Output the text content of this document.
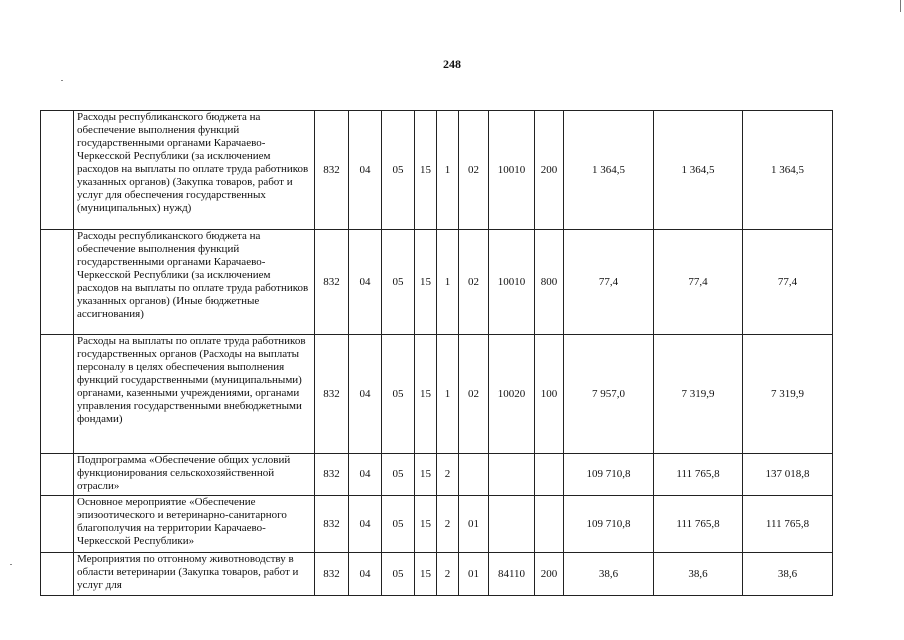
248
	Расходы республиканского бюджета на обеспечение выполнения функций государственными органами Карачаево-Черкесской Республики (за исключением расходов на выплаты по оплате труда работников указанных органов) (Закупка товаров, работ и услуг для обеспечения государственных (муниципальных) нужд)	832	04	05	15	1	02	10010	200	1 364,5	1 364,5	1 364,5
	Расходы республиканского бюджета на обеспечение выполнения функций государственными органами Карачаево-Черкесской Республики (за исключением расходов на выплаты по оплате труда работников указанных органов) (Иные бюджетные ассигнования)	832	04	05	15	1	02	10010	800	77,4	77,4	77,4
	Расходы на выплаты по оплате труда работников государственных органов (Расходы на выплаты персоналу в целях обеспечения выполнения функций государственными (муниципальными) органами, казенными учреждениями, органами управления государственными внебюджетными фондами)	832	04	05	15	1	02	10020	100	7 957,0	7 319,9	7 319,9
	Подпрограмма «Обеспечение общих условий функционирования сельскохозяйственной отрасли»	832	04	05	15	2				109 710,8	111 765,8	137 018,8
	Основное мероприятие «Обеспечение эпизоотического и ветеринарно-санитарного благополучия на территории Карачаево-Черкесской Республики»	832	04	05	15	2	01			109 710,8	111 765,8	111 765,8
	Мероприятия по отгонному животноводству в области ветеринарии (Закупка товаров, работ и услуг для	832	04	05	15	2	01	84110	200	38,6	38,6	38,6
